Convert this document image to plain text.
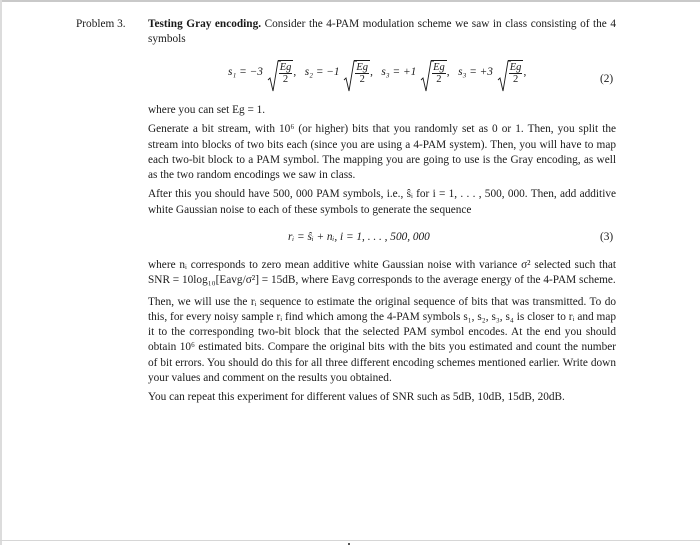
Problem 3. Testing Gray encoding. Consider the 4-PAM modulation scheme we saw in class consisting of the 4 symbols
$s_1 = -3 \frac{Eg}{2}$ , $s_2 = -1 \frac{Eg}{2}$ , $s_3 = +1 \frac{Eg}{2}$ , $s_3 = +3 \frac{Eg}{2}$ ,
(2)

where you can set Eg = 1.

Generate a bit stream, with 10⁶ (or higher) bits that you randomly set as 0 or 1. Then, you split the stream into blocks of two bits each (since you are using a 4-PAM system). Then, you will have to map each two-bit block to a PAM symbol. The mapping you are going to use is the Gray encoding, as well as the two random encodings we saw in class.

After this you should have 500, 000 PAM symbols, i.e., ŝᵢ for i = 1, . . . , 500, 000. Then, add additive white Gaussian noise to each of these symbols to generate the sequence

rᵢ = ŝᵢ + nᵢ, i = 1, . . . , 500, 000	(3)

where nᵢ corresponds to zero mean additive white Gaussian noise with variance σ² selected such that SNR = 10log₁₀[Eavg/σ²] = 15dB, where Eavg corresponds to the average energy of the 4-PAM scheme.

Then, we will use the rᵢ sequence to estimate the original sequence of bits that was transmitted. To do this, for every noisy sample rᵢ find which among the 4-PAM symbols s₁, s₂, s₃, s₄ is closer to rᵢ and map it to the corresponding two-bit block that the selected PAM symbol encodes. At the end you should obtain 10⁶ estimated bits. Compare the original bits with the bits you estimated and count the number of bit errors. You should do this for all three different encoding schemes mentioned earlier. Write down your values and comment on the results you obtained.

You can repeat this experiment for different values of SNR such as 5dB, 10dB, 15dB, 20dB.
